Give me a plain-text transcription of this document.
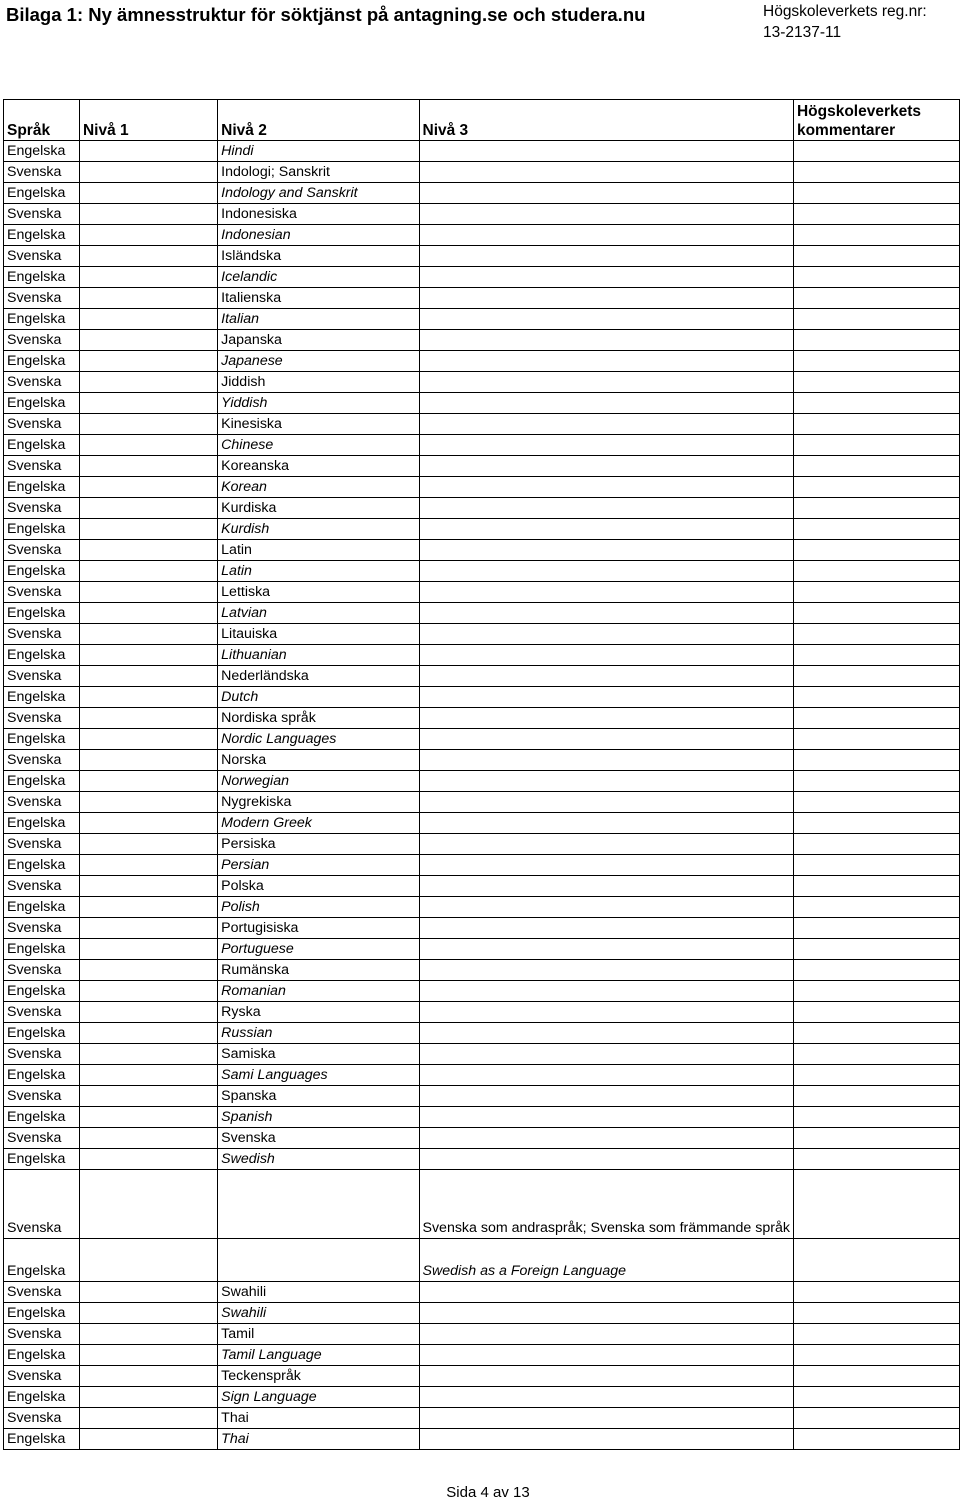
Bilaga 1: Ny ämnesstruktur för söktjänst på antagning.se och studera.nu	Högskoleverkets reg.nr:
13-2137-11
Språk	Nivå 1	Nivå 2	Nivå 3	Högskoleverkets
kommentarer
Engelska		Hindi		
Svenska		Indologi; Sanskrit		
Engelska		Indology and Sanskrit		
Svenska		Indonesiska		
Engelska		Indonesian		
Svenska		Isländska		
Engelska		Icelandic		
Svenska		Italienska		
Engelska		Italian		
Svenska		Japanska		
Engelska		Japanese		
Svenska		Jiddish		
Engelska		Yiddish		
Svenska		Kinesiska		
Engelska		Chinese		
Svenska		Koreanska		
Engelska		Korean		
Svenska		Kurdiska		
Engelska		Kurdish		
Svenska		Latin		
Engelska		Latin		
Svenska		Lettiska		
Engelska		Latvian		
Svenska		Litauiska		
Engelska		Lithuanian		
Svenska		Nederländska		
Engelska		Dutch		
Svenska		Nordiska språk		
Engelska		Nordic Languages		
Svenska		Norska		
Engelska		Norwegian		
Svenska		Nygrekiska		
Engelska		Modern Greek		
Svenska		Persiska		
Engelska		Persian		
Svenska		Polska		
Engelska		Polish		
Svenska		Portugisiska		
Engelska		Portuguese		
Svenska		Rumänska		
Engelska		Romanian		
Svenska		Ryska		
Engelska		Russian		
Svenska		Samiska		
Engelska		Sami Languages		
Svenska		Spanska		
Engelska		Spanish		
Svenska		Svenska		
Engelska		Swedish		
Svenska			Svenska som andraspråk; Svenska som främmande språk	
Engelska			Swedish as a Foreign Language	
Svenska		Swahili		
Engelska		Swahili		
Svenska		Tamil		
Engelska		Tamil Language		
Svenska		Teckenspråk		
Engelska		Sign Language		
Svenska		Thai		
Engelska		Thai		
Sida 4 av 13
